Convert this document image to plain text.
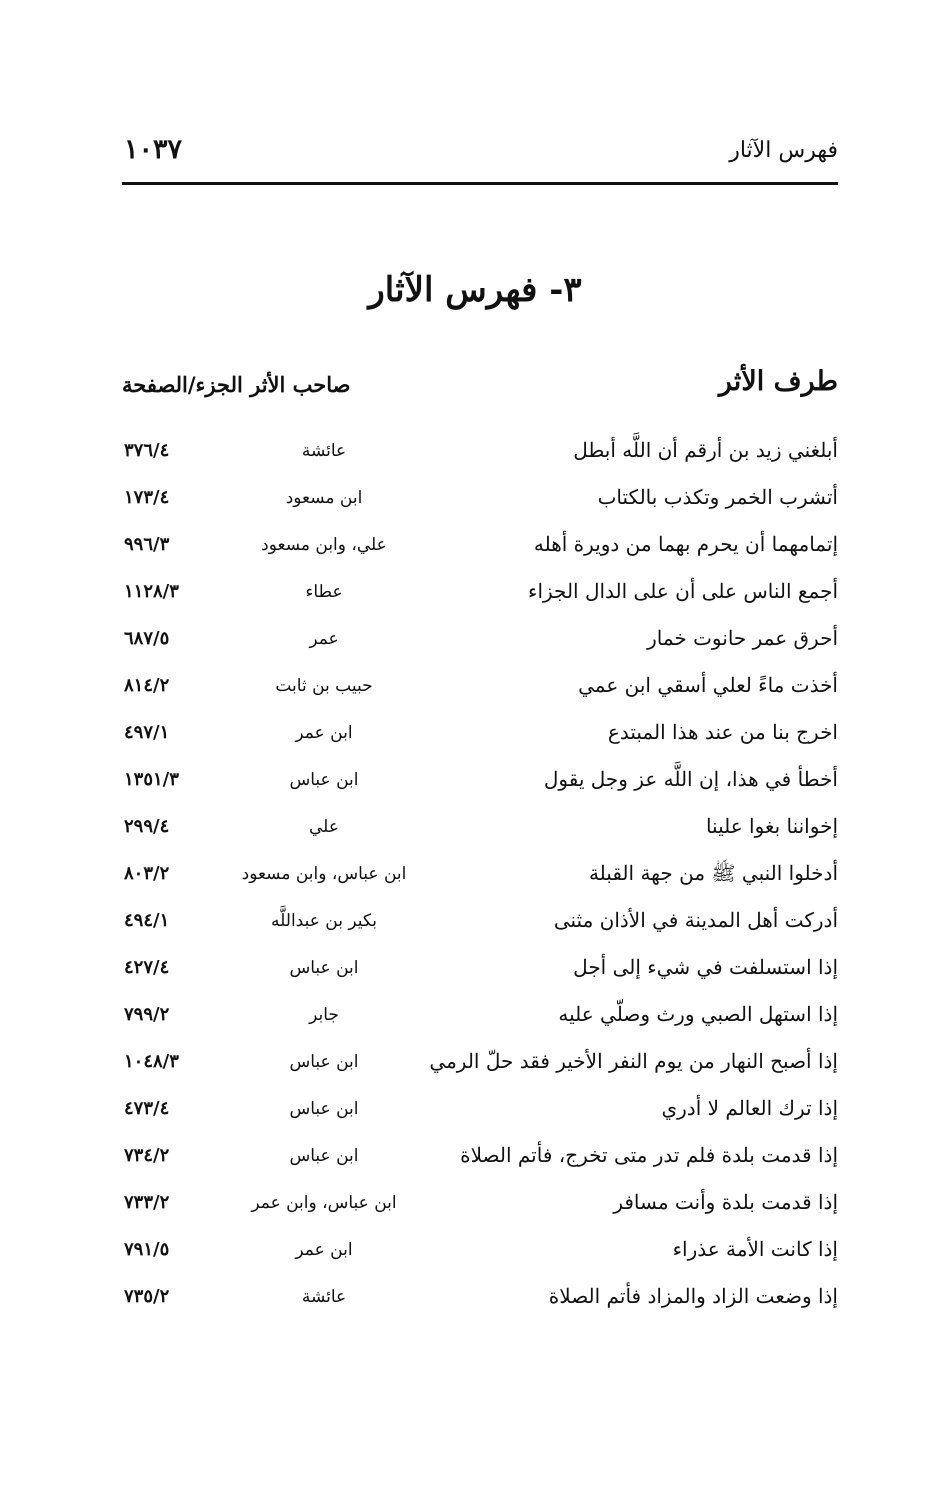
فهرس الآثار
١٠٣٧
٣- فهرس الآثار
طرف الأثر
صاحب الأثر الجزء/الصفحة
أبلغني زيد بن أرقم أن اللَّه أبطل
عائشة
٣٧٦/٤
أتشرب الخمر وتكذب بالكتاب
ابن مسعود
١٧٣/٤
إتمامهما أن يحرم بهما من دويرة أهله
علي، وابن مسعود
٩٩٦/٣
أجمع الناس على أن على الدال الجزاء
عطاء
١١٢٨/٣
أحرق عمر حانوت خمار
عمر
٦٨٧/٥
أخذت ماءً لعلي أسقي ابن عمي
حبيب بن ثابت
٨١٤/٢
اخرج بنا من عند هذا المبتدع
ابن عمر
٤٩٧/١
أخطأ في هذا، إن اللَّه عز وجل يقول
ابن عباس
١٣٥١/٣
إخواننا بغوا علينا
علي
٢٩٩/٤
أدخلوا النبي ﷺ من جهة القبلة
ابن عباس، وابن مسعود
٨٠٣/٢
أدركت أهل المدينة في الأذان مثنى
بكير بن عبداللَّه
٤٩٤/١
إذا استسلفت في شيء إلى أجل
ابن عباس
٤٢٧/٤
إذا استهل الصبي ورث وصلّي عليه
جابر
٧٩٩/٢
إذا أصبح النهار من يوم النفر الأخير فقد حلّ الرمي
ابن عباس
١٠٤٨/٣
إذا ترك العالم لا أدري
ابن عباس
٤٧٣/٤
إذا قدمت بلدة فلم تدر متى تخرج، فأتم الصلاة
ابن عباس
٧٣٤/٢
إذا قدمت بلدة وأنت مسافر
ابن عباس، وابن عمر
٧٣٣/٢
إذا كانت الأمة عذراء
ابن عمر
٧٩١/٥
إذا وضعت الزاد والمزاد فأتم الصلاة
عائشة
٧٣٥/٢
